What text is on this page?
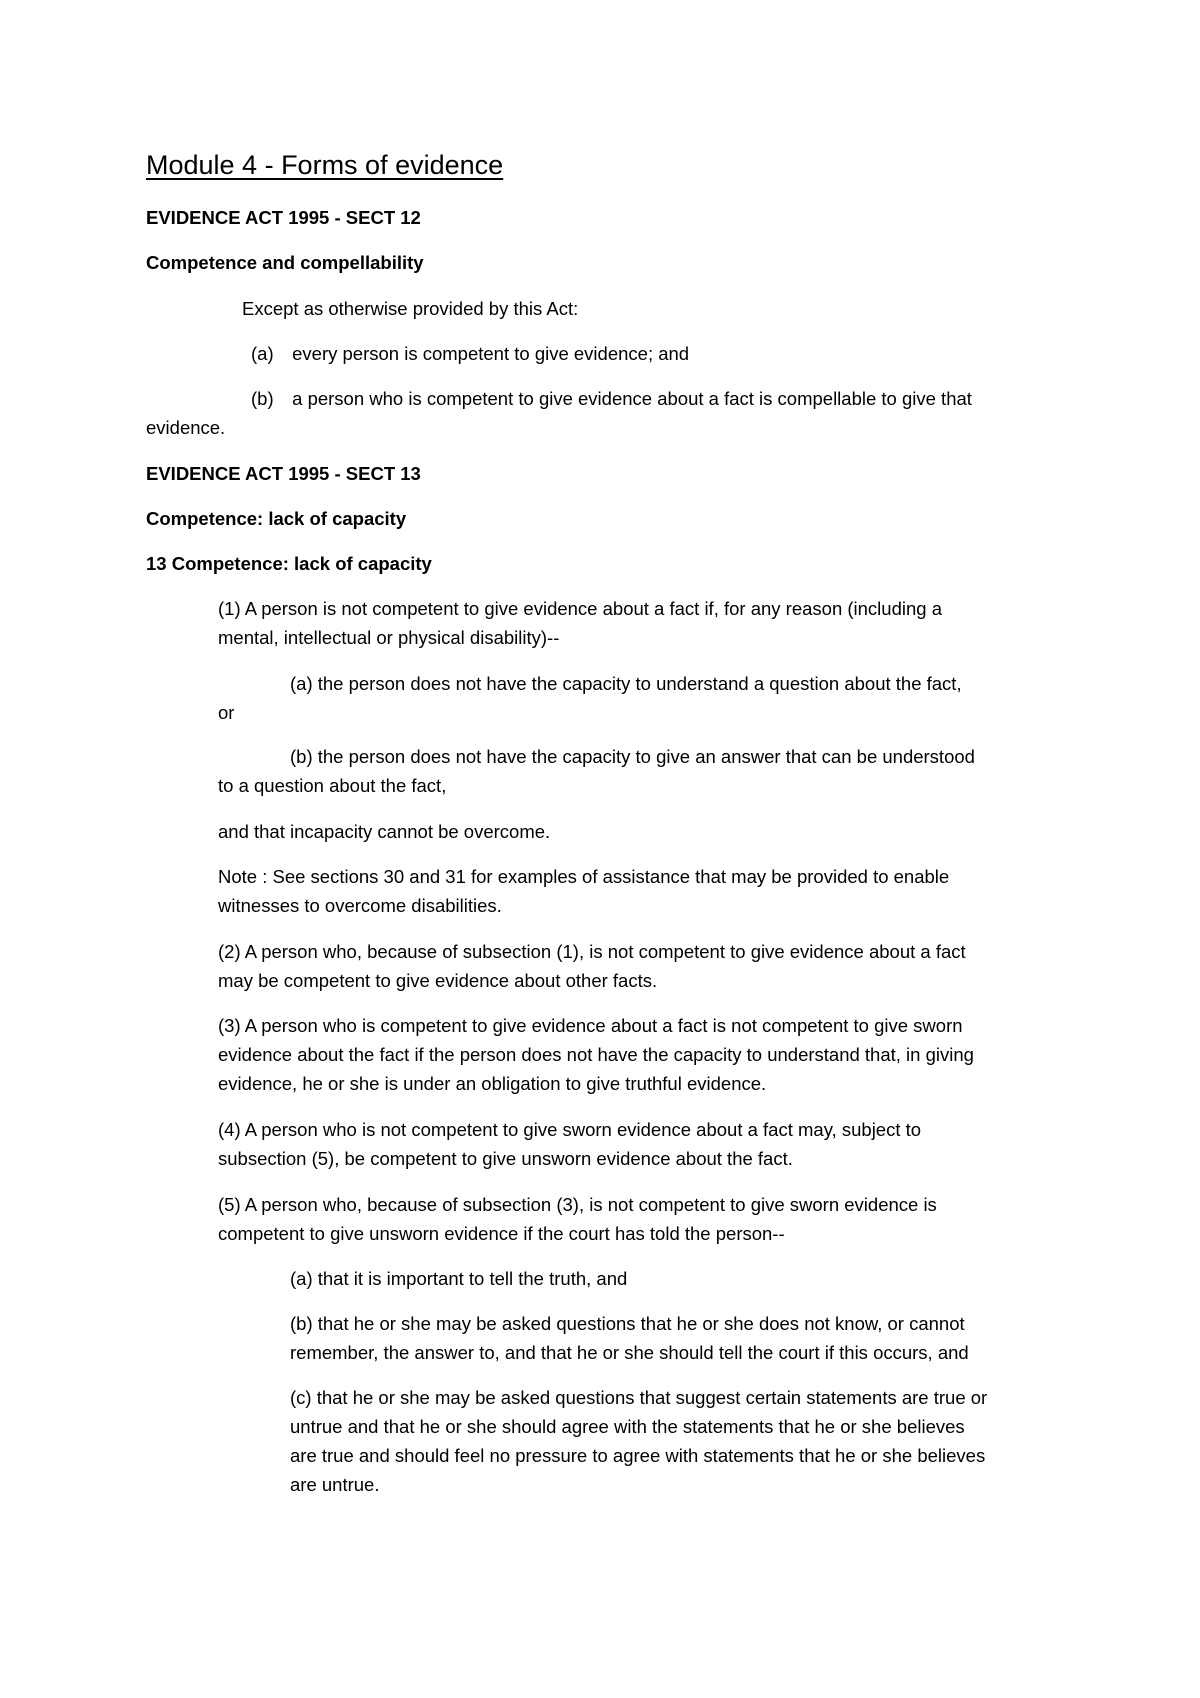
Module 4 - Forms of evidence
EVIDENCE ACT 1995 - SECT 12
Competence and compellability
Except as otherwise provided by this Act:
(a) every person is competent to give evidence; and
(b) a person who is competent to give evidence about a fact is compellable to give that
evidence.
EVIDENCE ACT 1995 - SECT 13
Competence: lack of capacity
13 Competence: lack of capacity
(1) A person is not competent to give evidence about a fact if, for any reason (including a
mental, intellectual or physical disability)--
(a) the person does not have the capacity to understand a question about the fact,
or
(b) the person does not have the capacity to give an answer that can be understood
to a question about the fact,
and that incapacity cannot be overcome.
Note : See sections 30 and 31 for examples of assistance that may be provided to enable
witnesses to overcome disabilities.
(2) A person who, because of subsection (1), is not competent to give evidence about a fact
may be competent to give evidence about other facts.
(3) A person who is competent to give evidence about a fact is not competent to give sworn
evidence about the fact if the person does not have the capacity to understand that, in giving
evidence, he or she is under an obligation to give truthful evidence.
(4) A person who is not competent to give sworn evidence about a fact may, subject to
subsection (5), be competent to give unsworn evidence about the fact.
(5) A person who, because of subsection (3), is not competent to give sworn evidence is
competent to give unsworn evidence if the court has told the person--
(a) that it is important to tell the truth, and
(b) that he or she may be asked questions that he or she does not know, or cannot
remember, the answer to, and that he or she should tell the court if this occurs, and
(c) that he or she may be asked questions that suggest certain statements are true or
untrue and that he or she should agree with the statements that he or she believes
are true and should feel no pressure to agree with statements that he or she believes
are untrue.
